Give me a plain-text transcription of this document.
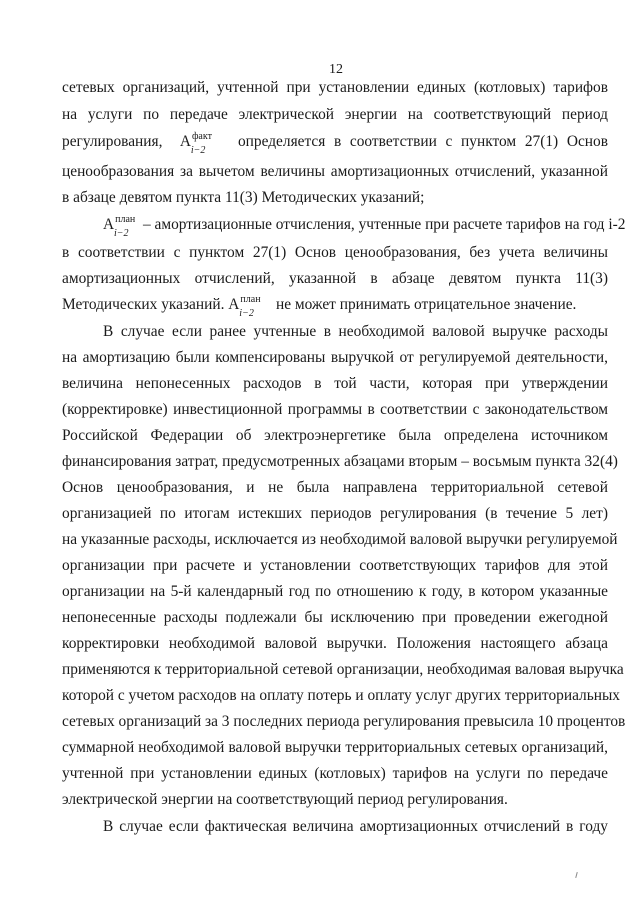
12
сетевых организаций, учтенной при установлении единых (котловых) тарифов
на услуги по передаче электрической энергии на соответствующий период
регулирования, $A^{факт}$
i−2
определяется в соответствии с пунктом 27(1) Основ
ценообразования за вычетом величины амортизационных отчислений, указанной
в абзаце девятом пункта 11(3) Методических указаний;
$A^{план}$
i−2
– амортизационные отчисления, учтенные при расчете тарифов на год i-2
в соответствии с пунктом 27(1) Основ ценообразования, без учета величины
амортизационных отчислений, указанной в абзаце девятом пункта 11(3)
Методических указаний. $A^{план}$
i−2
не может принимать отрицательное значение.
В случае если ранее учтенные в необходимой валовой выручке расходы
на амортизацию были компенсированы выручкой от регулируемой деятельности,
величина непонесенных расходов в той части, которая при утверждении
(корректировке) инвестиционной программы в соответствии с законодательством
Российской Федерации об электроэнергетике была определена источником
финансирования затрат, предусмотренных абзацами вторым – восьмым пункта 32(4)
Основ ценообразования, и не была направлена территориальной сетевой
организацией по итогам истекших периодов регулирования (в течение 5 лет)
на указанные расходы, исключается из необходимой валовой выручки регулируемой
организации при расчете и установлении соответствующих тарифов для этой
организации на 5-й календарный год по отношению к году, в котором указанные
непонесенные расходы подлежали бы исключению при проведении ежегодной
корректировки необходимой валовой выручки. Положения настоящего абзаца
применяются к территориальной сетевой организации, необходимая валовая выручка
которой с учетом расходов на оплату потерь и оплату услуг других территориальных
сетевых организаций за 3 последних периода регулирования превысила 10 процентов
суммарной необходимой валовой выручки территориальных сетевых организаций,
учтенной при установлении единых (котловых) тарифов на услуги по передаче
электрической энергии на соответствующий период регулирования.
В случае если фактическая величина амортизационных отчислений в году
